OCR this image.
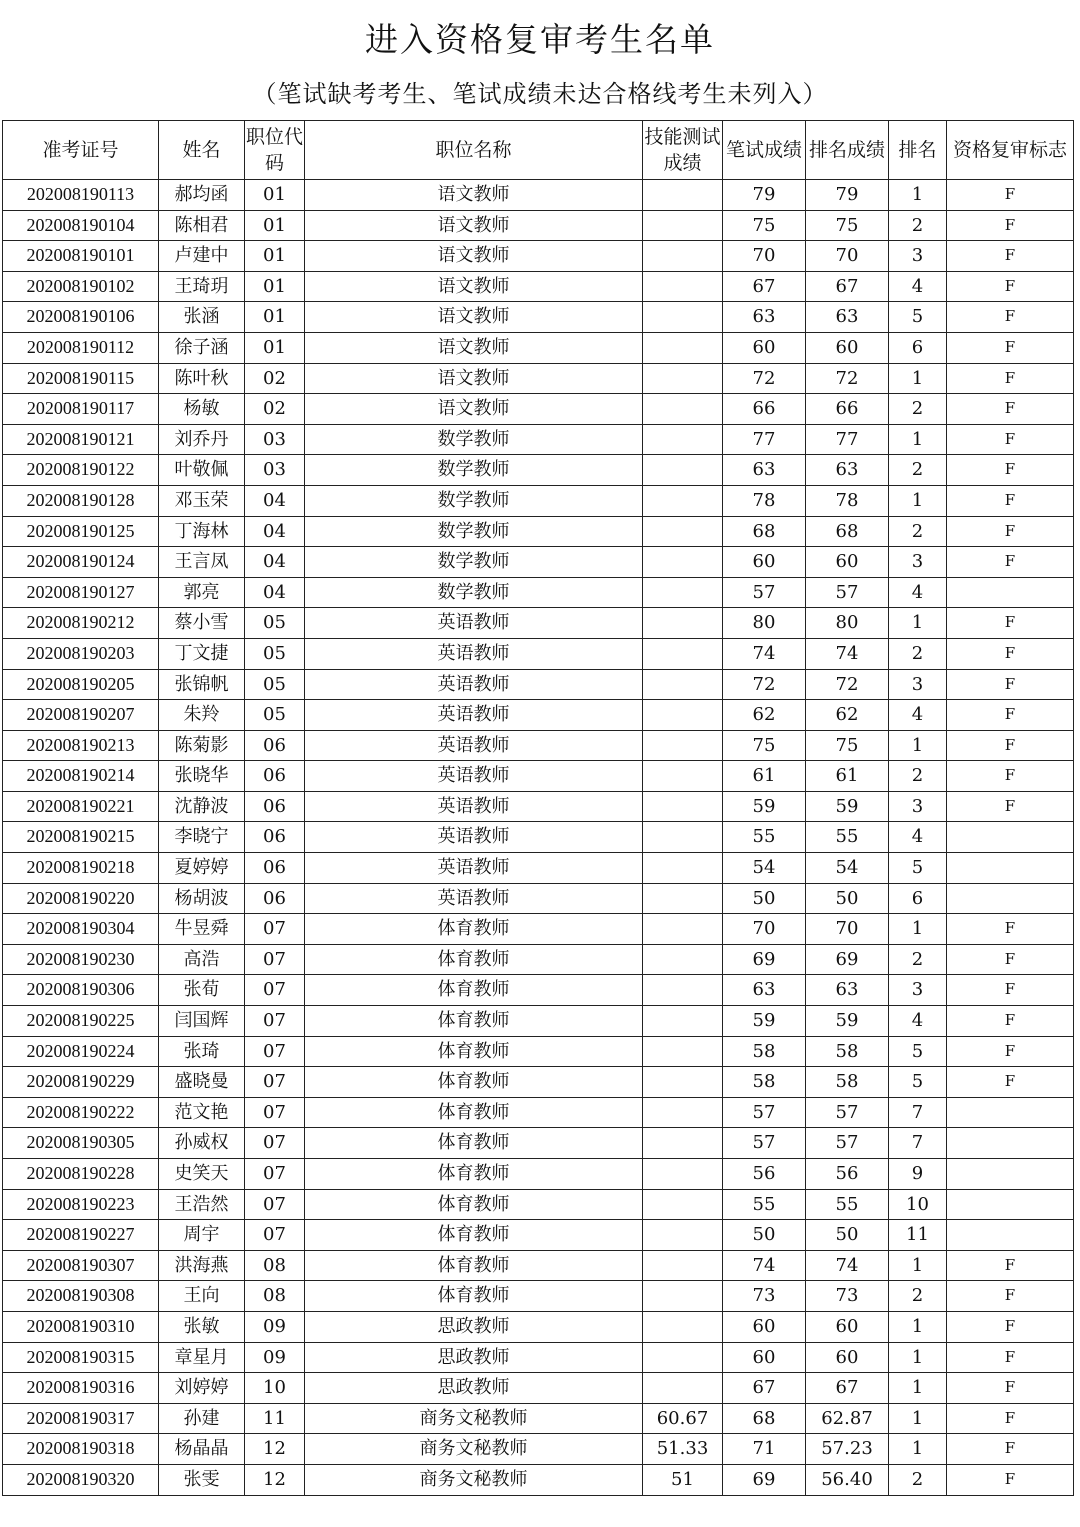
进入资格复审考生名单
（笔试缺考考生、笔试成绩未达合格线考生未列入）
准考证号	姓名	职位代码	职位名称	技能测试成绩	笔试成绩	排名成绩	排名	资格复审标志
202008190113	郝均函	01	语文教师		79	79	1	F
202008190104	陈相君	01	语文教师		75	75	2	F
202008190101	卢建中	01	语文教师		70	70	3	F
202008190102	王琦玥	01	语文教师		67	67	4	F
202008190106	张涵	01	语文教师		63	63	5	F
202008190112	徐子涵	01	语文教师		60	60	6	F
202008190115	陈叶秋	02	语文教师		72	72	1	F
202008190117	杨敏	02	语文教师		66	66	2	F
202008190121	刘乔丹	03	数学教师		77	77	1	F
202008190122	叶敬佩	03	数学教师		63	63	2	F
202008190128	邓玉荣	04	数学教师		78	78	1	F
202008190125	丁海林	04	数学教师		68	68	2	F
202008190124	王言凤	04	数学教师		60	60	3	F
202008190127	郭亮	04	数学教师		57	57	4	
202008190212	蔡小雪	05	英语教师		80	80	1	F
202008190203	丁文捷	05	英语教师		74	74	2	F
202008190205	张锦帆	05	英语教师		72	72	3	F
202008190207	朱羚	05	英语教师		62	62	4	F
202008190213	陈菊影	06	英语教师		75	75	1	F
202008190214	张晓华	06	英语教师		61	61	2	F
202008190221	沈静波	06	英语教师		59	59	3	F
202008190215	李晓宁	06	英语教师		55	55	4	
202008190218	夏婷婷	06	英语教师		54	54	5	
202008190220	杨胡波	06	英语教师		50	50	6	
202008190304	牛昱舜	07	体育教师		70	70	1	F
202008190230	高浩	07	体育教师		69	69	2	F
202008190306	张荀	07	体育教师		63	63	3	F
202008190225	闫国辉	07	体育教师		59	59	4	F
202008190224	张琦	07	体育教师		58	58	5	F
202008190229	盛晓曼	07	体育教师		58	58	5	F
202008190222	范文艳	07	体育教师		57	57	7	
202008190305	孙威权	07	体育教师		57	57	7	
202008190228	史笑天	07	体育教师		56	56	9	
202008190223	王浩然	07	体育教师		55	55	10	
202008190227	周宇	07	体育教师		50	50	11	
202008190307	洪海燕	08	体育教师		74	74	1	F
202008190308	王向	08	体育教师		73	73	2	F
202008190310	张敏	09	思政教师		60	60	1	F
202008190315	章星月	09	思政教师		60	60	1	F
202008190316	刘婷婷	10	思政教师		67	67	1	F
202008190317	孙建	11	商务文秘教师	60.67	68	62.87	1	F
202008190318	杨晶晶	12	商务文秘教师	51.33	71	57.23	1	F
202008190320	张雯	12	商务文秘教师	51	69	56.40	2	F
